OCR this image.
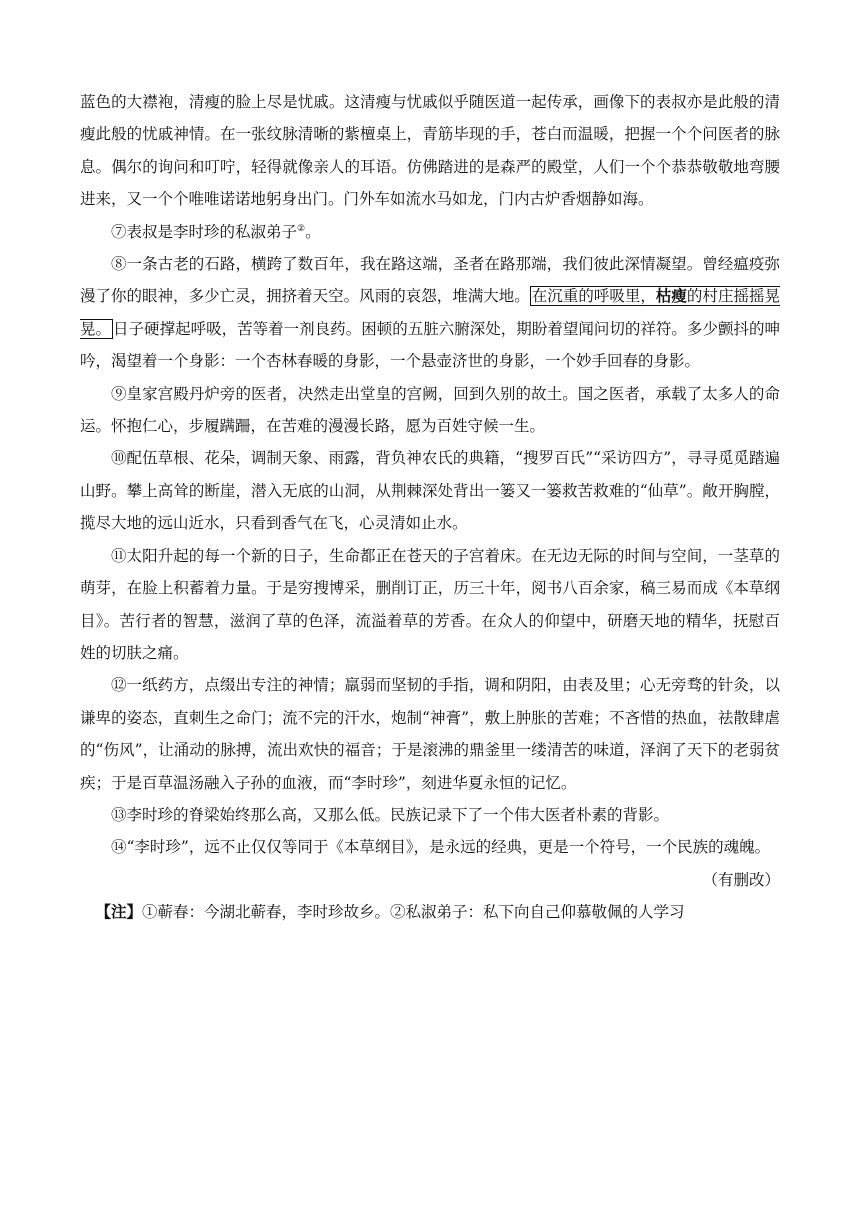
蓝色的大襟袍，清瘦的脸上尽是忧戚。这清瘦与忧戚似乎随医道一起传承，画像下的表叔亦是此般的清瘦此般的忧戚神情。在一张纹脉清晰的紫檀桌上，青筋毕现的手，苍白而温暖，把握一个个问医者的脉息。偶尔的询问和叮咛，轻得就像亲人的耳语。仿佛踏进的是森严的殿堂，人们一个个恭恭敬敬地弯腰进来，又一个个唯唯诺诺地躬身出门。门外车如流水马如龙，门内古炉香烟静如海。

⑦表叔是李时珍的私淑弟子②。

⑧一条古老的石路，横跨了数百年，我在路这端，圣者在路那端，我们彼此深情凝望。曾经瘟疫弥漫了你的眼神，多少亡灵，拥挤着天空。风雨的哀怨，堆满大地。 在沉重的呼吸里，枯瘦的村庄摇摇晃晃。 日子硬撑起呼吸，苦等着一剂良药。困顿的五脏六腑深处，期盼着望闻问切的祥符。多少颤抖的呻吟，渴望着一个身影：一个杏林春暖的身影，一个悬壶济世的身影，一个妙手回春的身影。

⑨皇家宫殿丹炉旁的医者，决然走出堂皇的宫阙，回到久别的故土。国之医者，承载了太多人的命运。怀抱仁心，步履蹒跚，在苦难的漫漫长路，愿为百姓守候一生。

⑩配伍草根、花朵，调制天象、雨露，背负神农氏的典籍，“搜罗百氏”“采访四方”，寻寻觅觅踏遍山野。攀上高耸的断崖，潜入无底的山洞，从荆棘深处背出一篓又一篓救苦救难的“仙草”。敞开胸膛，揽尽大地的远山近水，只看到香气在飞，心灵清如止水。

⑪太阳升起的每一个新的日子，生命都正在苍天的子宫着床。在无边无际的时间与空间，一茎草的萌芽，在脸上积蓄着力量。于是穷搜博采，删削订正，历三十年，阅书八百余家，稿三易而成《本草纲目》。苦行者的智慧，滋润了草的色泽，流溢着草的芳香。在众人的仰望中，研磨天地的精华，抚慰百姓的切肤之痛。

⑫一纸药方，点缀出专注的神情；羸弱而坚韧的手指，调和阴阳，由表及里；心无旁骛的针灸，以谦卑的姿态，直刺生之命门；流不完的汗水，炮制“神膏”，敷上肿胀的苦难；不吝惜的热血，祛散肆虐的“伤风”，让涌动的脉搏，流出欢快的福音；于是滚沸的鼎釜里一缕清苦的味道，泽润了天下的老弱贫疾；于是百草温汤融入子孙的血液，而“李时珍”，刻进华夏永恒的记忆。

⑬李时珍的脊梁始终那么高，又那么低。民族记录下了一个伟大医者朴素的背影。

⑭“李时珍”，远不止仅仅等同于《本草纲目》，是永远的经典，更是一个符号，一个民族的魂魄。

（有删改）

【注】①蕲春：今湖北蕲春，李时珍故乡。②私淑弟子：私下向自己仰慕敬佩的人学习
